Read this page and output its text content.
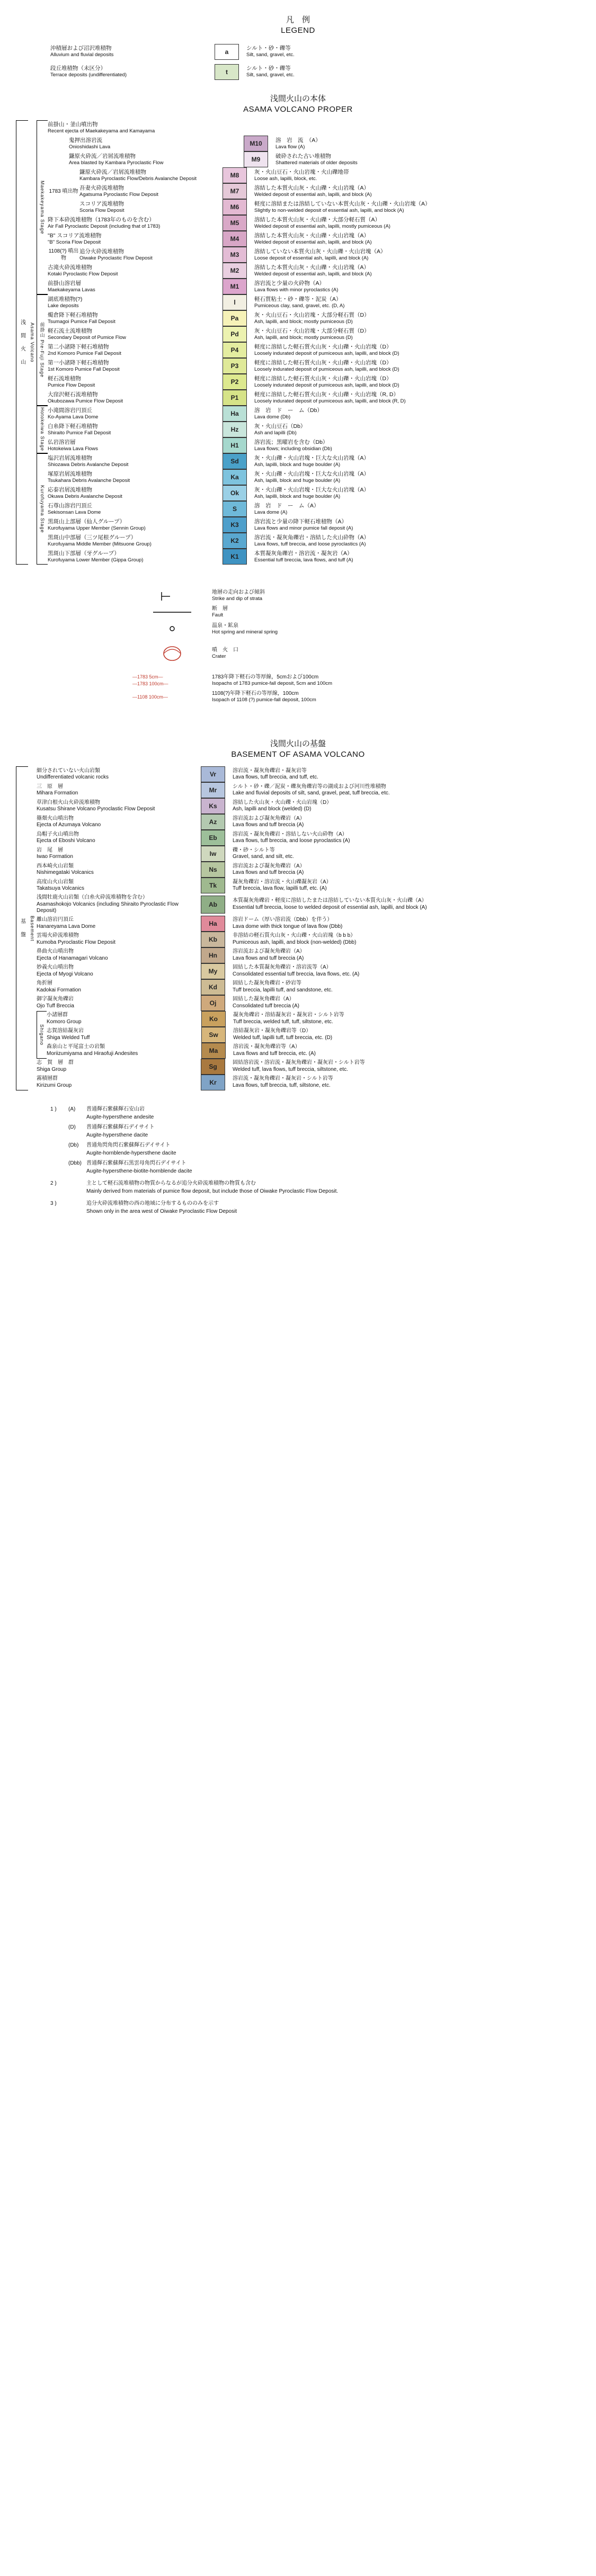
凡　例
LEGEND
沖積層および沼沢堆積物
Alluvium and fluvial deposits	a	シルト・砂・礫等
Silt, sand, gravel, etc.
段丘堆積物（未区分）
Terrace deposits (undifferentiated)	t	シルト・砂・礫等
Silt, sand, gravel, etc.
浅間火山の本体
ASAMA VOLCANO PROPER
浅 間 火 山 Asama Volcano
Maekakeyama Stage
前掛山・釜山噴出物
Recent ejecta of Maekakeyama and Kamayama
鬼押出溶岩流
Onioshidashi Lava	M10	溶　岩　流　（A）
Lava flow (A)
鎌原火砕流／岩屑流堆積物
Area blasted by Kambara Pyroclastic Flow	M9	破砕された古い堆積物
Shattered materials of older deposits
1783 噴出物
鎌原火砕流／岩屑流堆積物
Kambara Pyroclastic Flow/Debris Avalanche Deposit	M8	灰・火山豆石・火山岩塊・火山礫地帯
Loose ash, lapilli, block, etc.
吾妻火砕流堆積物
Agatsuma Pyroclastic Flow Deposit	M7	溶結した本質火山灰・火山礫・火山岩塊（A）
Welded deposit of essential ash, lapilli, and block (A)
スコリア流堆積物
Scoria Flow Deposit	M6	軽度に溶結または溶結していない本質火山灰・火山礫・火山岩塊（A）
Slightly to non-welded deposit of essential ash, lapilli, and block (A)
降下本砕流堆積物（1783年のものを含む）
Air Fall Pyroclastic Deposit (including that of 1783)	M5	溶結した本質火山灰・火山礫・大部分軽石質（A）
Welded deposit of essential ash, lapilli, mostly pumiceous (A)
"B" スコリア流堆積物
"B" Scoria Flow Deposit	M4	溶結した本質火山灰・火山礫・火山岩塊（A）
Welded deposit of essential ash, lapilli, and block (A)
1108(?) 噴出物
追分火砕流堆積物
Oiwake Pyroclastic Flow Deposit	M3	溶結していない本質火山灰・火山礫・火山岩塊（A）
Loose deposit of essential ash, lapilli, and block (A)
古滝火砕流堆積物
Kotaki Pyroclastic Flow Deposit	M2	溶結した本質火山灰・火山礫・火山岩塊（A）
Welded deposit of essential ash, lapilli, and block (A)
前掛山溶岩層
Maekakeyama Lavas	M1	溶岩流と少量の火砕物（A）
Lava flows with minor pyroclastics (A)
前掛山 Pre-Fuji Stage
湖底堆積物(?)
Lake deposits	l	軽石質粘土・砂・礫等・泥炭（A）
Pumiceous clay, sand, gravel, etc. (D, A)
燭倉降下軽石堆積物
Tsumagoi Pumice Fall Deposit	Pa	灰・火山豆石・火山岩塊・大部分軽石質（D）
Ash, lapilli, and block; mostly pumiceous (D)
軽石流土流堆積物
Secondary Deposit of Pumice Flow	Pd	灰・火山豆石・火山岩塊・大部分軽石質（D）
Ash, lapilli, and block; mostly pumiceous (D)
第二小諸降下軽石堆積物
2nd Komoro Pumice Fall Deposit	P4	軽度に溶結した軽石質火山灰・火山礫・火山岩塊（D）
Loosely indurated deposit of pumiceous ash, lapilli, and block (D)
第一小諸降下軽石堆積物
1st Komoro Pumice Fall Deposit	P3	軽度に溶結した軽石質火山灰・火山礫・火山岩塊（D）
Loosely indurated deposit of pumiceous ash, lapilli, and block (D)
軽石流堆積物
Pumice Flow Deposit	P2	軽度に溶結した軽石質火山灰・火山礫・火山岩塊（D）
Loosely indurated deposit of pumiceous ash, lapilli, and block (D)
大窪沢軽石流堆積物
Okubozawa Pumice Flow Deposit	P1	軽度に溶結した軽石質火山灰・火山礫・火山岩塊（R, D）
Loosely indurated deposit of pumiceous ash, lapilli, and block (R, D)
Hotokeiwa Stage 小滝間溶岩円頂丘
Ko-Ayama Lava Dome	Ha	溶　岩　ド　ー　ム（Db）
Lava dome (Db)
白糸降下軽石堆積物
Shiraito Pumice Fall Deposit	Hz	灰・火山豆石（Db）
Ash and lapilli (Db)
仏岩溶岩層
Hotokeiwa Lava Flows	H1	溶岩流；黒曜岩を含む（Db）
Lava flows; including obsidian (Db)
Kurofuyama Stage
塩沢岩屑流堆積物
Shiozawa Debris Avalanche Deposit	Sd	灰・火山礫・火山岩塊・巨大な火山岩塊（A）
Ash, lapilli, block and huge boulder (A)
塚原岩屑流堆積物
Tsukahara Debris Avalanche Deposit	Ka	灰・火山礫・火山岩塊・巨大な火山岩塊（A）
Ash, lapilli, block and huge boulder (A)
応泰岩屑流堆積物
Okuwa Debris Avalanche Deposit	Ok	灰・火山礫・火山岩塊・巨大な火山岩塊（A）
Ash, lapilli, block and huge boulder (A)
石尊山溶岩円頂丘
Sekisonsan Lava Dome	S	溶　岩　ド　ー　ム（A）
Lava dome (A)
黒斑山上部層（仙人グループ）
Kurofuyama Upper Member (Sennin Group)	K3	溶岩流と少量の降下軽石堆積物（A）
Lava flows and minor pumice fall deposit (A)
黒斑山中部層（三ツ尾根グループ）
Kurofuyama Middle Member (Mitsuone Group)	K2	溶岩流・凝灰角礫岩・溶結した火山砕物（A）
Lava flows, tuff breccia, and loose pyroclastics (A)
黒斑山下部層（牙グループ）
Kurofuyama Lower Member (Gippa Group)	K1	本質凝灰角礫岩・溶岩流・凝灰岩（A）
Essential tuff breccia, lava flows, and tuff (A)
地層の走向および傾斜
Strike and dip of strata
断　層
Fault
温泉・鉱泉
Hot spring and mineral spring
噴　火　口
Crater
―1783 5cm―
―1783 100cm―
1783年降下軽石の等厚線，5cmおよび100cm
Isopachs of 1783 pumice-fall deposit, 5cm and 100cm
―1108 100cm―
1108(?)年降下軽石の等厚線，100cm
Isopach of 1108 (?) pumice-fall deposit, 100cm
浅間火山の基盤
BASEMENT OF ASAMA VOLCANO
基 盤 Basement
細分されていない火山岩類
Undifferentiated volcanic rocks	Vr	溶岩流・凝灰角礫岩・凝灰岩等
Lava flows, tuff breccia, and tuff, etc.
三　原　層
Mihara Formation	Mr	シルト・砂・礫／泥炭・礫灰角礫岩等の湖成および河川性堆積物
Lake and fluvial deposits of silt, sand, gravel, peat, tuff breccia, etc.
草津白根火山火砕流堆積物
Kusatsu Shirane Volcano Pyroclastic Flow Deposit	Ks	溶結した火山灰・火山礫・火山岩塊（D）
Ash, lapilli and block (welded) (D)
篠畑火山噴出物
Ejecta of Azumaya Volcano	Az	溶岩流および凝灰角礫岩（A）
Lava flows and tuff breccia (A)
烏帽子火山噴出物
Ejecta of Eboshi Volcano	Eb	溶岩流・凝灰角礫岩・溶結しない火山砕物（A）
Lava flows, tuff breccia, and loose pyroclastics (A)
岩　尾　層
Iwao Formation	Iw	礫・砂・シルト等
Gravel, sand, and silt, etc.
西本崎火山岩類
Nishimegataki Volcanics	Ns	溶岩流および凝灰角礫岩（A）
Lava flows and tuff breccia (A)
高度山火山岩類
Takatsuya Volcanics	Tk	凝灰角礫岩・溶岩流・火山礫凝灰岩（A）
Tuff breccia, lava flow, lapilli tuff, etc. (A)
浅間牡鹿火山岩類（白糸火砕流堆積物を含む）
Asamashokojo Volcanics (including Shiraito Pyroclastic Flow Deposit)
Ab	本質凝灰角礫岩・軽度に溶結したまたは溶結していない本質火山灰・火山礫（A）
Essential tuff breccia, loose to welded deposit of essential ash, lapilli, and block (A)
離山溶岩円頂丘
Hanareyama Lava Dome	Ha	溶岩ドーム（厚い溶岩流（Dbb）を伴う）
Lava dome with thick tongue of lava flow (Dbb)
雲場火砕流堆積物
Kumoba Pyroclastic Flow Deposit	Kb	非溶結の軽石質火山灰・火山礫・火山岩塊（b b b）
Pumiceous ash, lapilli, and block (non-welded) (Dbb)
鼻曲火山噴出物
Ejecta of Hanamagari Volcano	Hn	溶岩流および凝灰角礫岩（A）
Lava flows and tuff breccia (A)
妙義火山噴出物
Ejecta of Myogi Volcano	My	固結した本質凝灰角礫岩・溶岩流等（A）
Consolidated essential tuff breccia, lava flows, etc. (A)
角折層
Kadokai Formation	Kd	固結した凝灰角礫岩・砂岩等
Tuff breccia, lapilli tuff, and sandstone, etc.
御字凝灰角礫岩
Ojo Tuff Breccia	Oj	固結した凝灰角礫岩（A）
Consolidated tuff breccia (A)
Shigano
小諸層群
Komoro Group	Ko	凝灰角礫岩・溶結凝灰岩・凝灰岩・シルト岩等
Tuff breccia, welded tuff, tuff, siltstone, etc.
志賀溶結凝灰岩
Shiga Welded Tuff	Sw	溶結凝灰岩・凝灰角礫岩等（D）
Welded tuff, lapilli tuff, tuff breccia, etc. (D)
森泉山と平尾富士の岩類
Moriizumiyama and Hiraofuji Andesites	Ma	溶岩流・凝灰角礫岩等（A）
Lava flows and tuff breccia, etc. (A)
志　賀　層　群
Shiga Group	Sg	固結溶岩流・溶岩流・凝灰角礫岩・凝灰岩・シルト岩等
Welded tuff, lava flows, tuff breccia, siltstone, etc.
霧積層群
Kirizumi Group	Kr	溶岩流・凝灰角礫岩・凝灰岩・シルト岩等
Lava flows, tuff breccia, tuff, siltstone, etc.
1 )	(A)	普通輝石紫蘇輝石安山岩
Augite-hypersthene andesite
(D)	普通輝石紫蘇輝石デイサイト
Augite-hypersthene dacite
(Db)	普通角閃角閃石紫蘇輝石デイサイト
Augite-hornblende-hypersthene dacite
(Dbb) 普通輝石紫蘇輝石黒雲母角閃石デイサイト
Augite-hypersthene-biotite-hornblende dacite
2 )	主として軽石流堆積物の物質からなるが追分火砕流堆積物の物質も含む
Mainly derived from materials of pumice flow deposit, but include those of Oiwake Pyroclastic Flow Deposit.
3 )	追分火砕流堆積物の西の地域に分布するもののみを示す
Shown only in the area west of Oiwake Pyroclastic Flow Deposit
